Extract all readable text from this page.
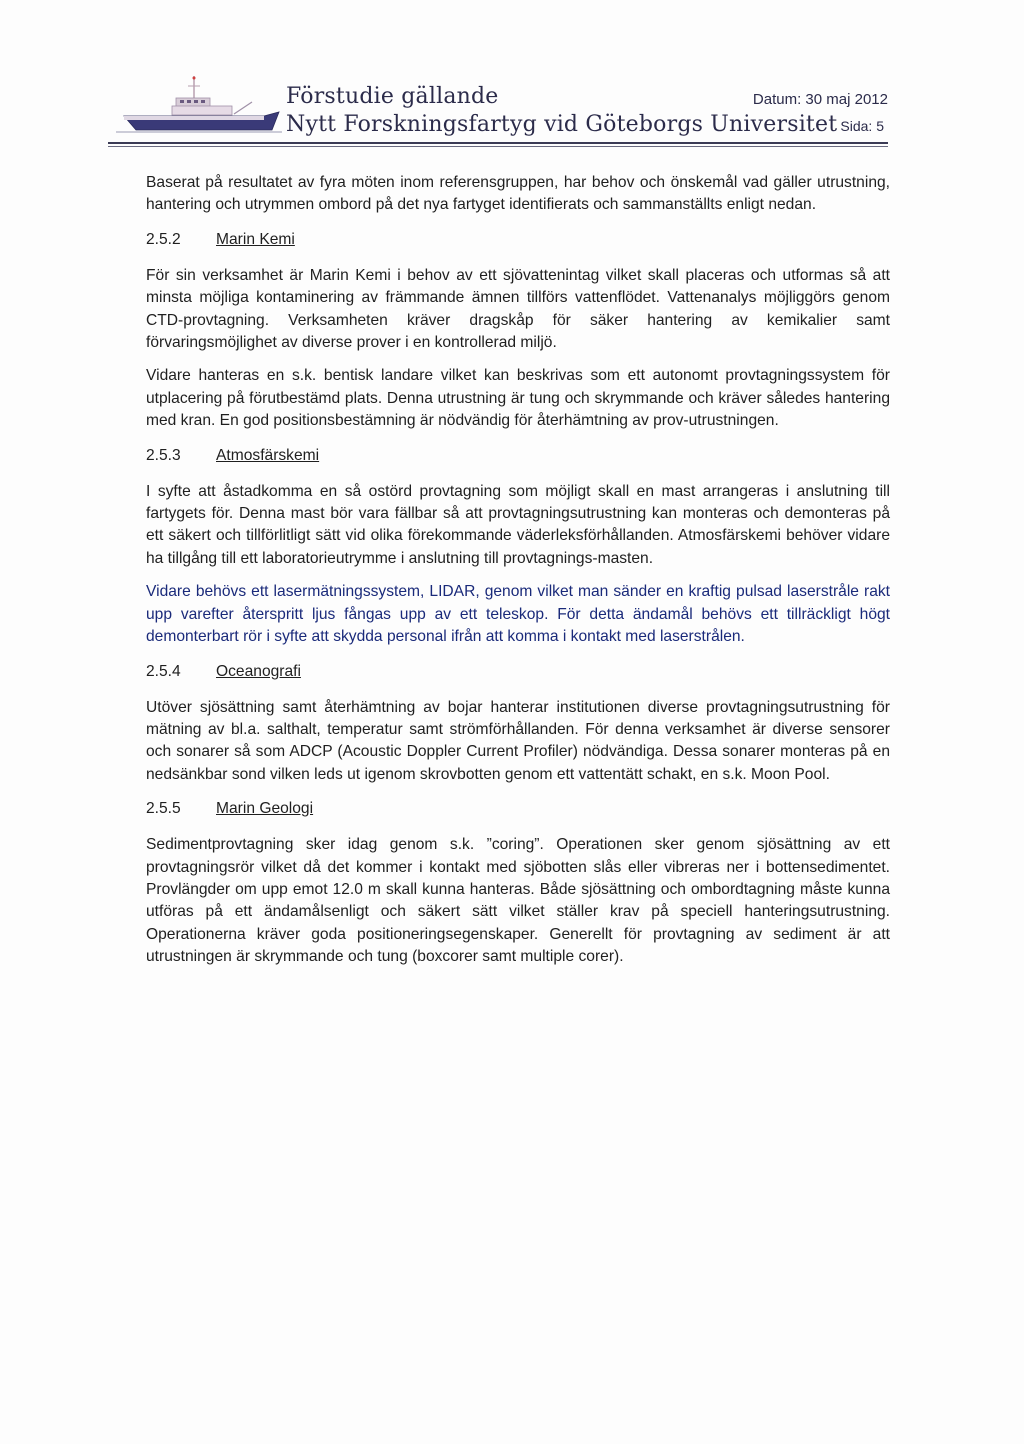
Förstudie gällande
Nytt Forskningsfartyg vid Göteborgs Universitet
Datum: 30 maj 2012
Sida: 5

Baserat på resultatet av fyra möten inom referensgruppen, har behov och önskemål vad gäller utrustning, hantering och utrymmen ombord på det nya fartyget identifierats och sammanställts enligt nedan.

2.5.2 Marin Kemi

För sin verksamhet är Marin Kemi i behov av ett sjövattenintag vilket skall placeras och utformas så att minsta möjliga kontaminering av främmande ämnen tillförs vattenflödet. Vattenanalys möjliggörs genom CTD-provtagning. Verksamheten kräver dragskåp för säker hantering av kemikalier samt förvaringsmöjlighet av diverse prover i en kontrollerad miljö.

Vidare hanteras en s.k. bentisk landare vilket kan beskrivas som ett autonomt provtagningssystem för utplacering på förutbestämd plats. Denna utrustning är tung och skrymmande och kräver således hantering med kran. En god positionsbestämning är nödvändig för återhämtning av prov-utrustningen.

2.5.3 Atmosfärskemi

I syfte att åstadkomma en så ostörd provtagning som möjligt skall en mast arrangeras i anslutning till fartygets för. Denna mast bör vara fällbar så att provtagningsutrustning kan monteras och demonteras på ett säkert och tillförlitligt sätt vid olika förekommande väderleksförhållanden. Atmosfärskemi behöver vidare ha tillgång till ett laboratorieutrymme i anslutning till provtagnings-masten.

Vidare behövs ett lasermätningssystem, LIDAR, genom vilket man sänder en kraftig pulsad laserstråle rakt upp varefter återspritt ljus fångas upp av ett teleskop. För detta ändamål behövs ett tillräckligt högt demonterbart rör i syfte att skydda personal ifrån att komma i kontakt med laserstrålen.

2.5.4 Oceanografi

Utöver sjösättning samt återhämtning av bojar hanterar institutionen diverse provtagningsutrustning för mätning av bl.a. salthalt, temperatur samt strömförhållanden. För denna verksamhet är diverse sensorer och sonarer så som ADCP (Acoustic Doppler Current Profiler) nödvändiga. Dessa sonarer monteras på en nedsänkbar sond vilken leds ut igenom skrovbotten genom ett vattentätt schakt, en s.k. Moon Pool.

2.5.5 Marin Geologi

Sedimentprovtagning sker idag genom s.k. ”coring”. Operationen sker genom sjösättning av ett provtagningsrör vilket då det kommer i kontakt med sjöbotten slås eller vibreras ner i bottensedimentet. Provlängder om upp emot 12.0 m skall kunna hanteras. Både sjösättning och ombordtagning måste kunna utföras på ett ändamålsenligt och säkert sätt vilket ställer krav på speciell hanteringsutrustning. Operationerna kräver goda positioneringsegenskaper. Generellt för provtagning av sediment är att utrustningen är skrymmande och tung (boxcorer samt multiple corer).
